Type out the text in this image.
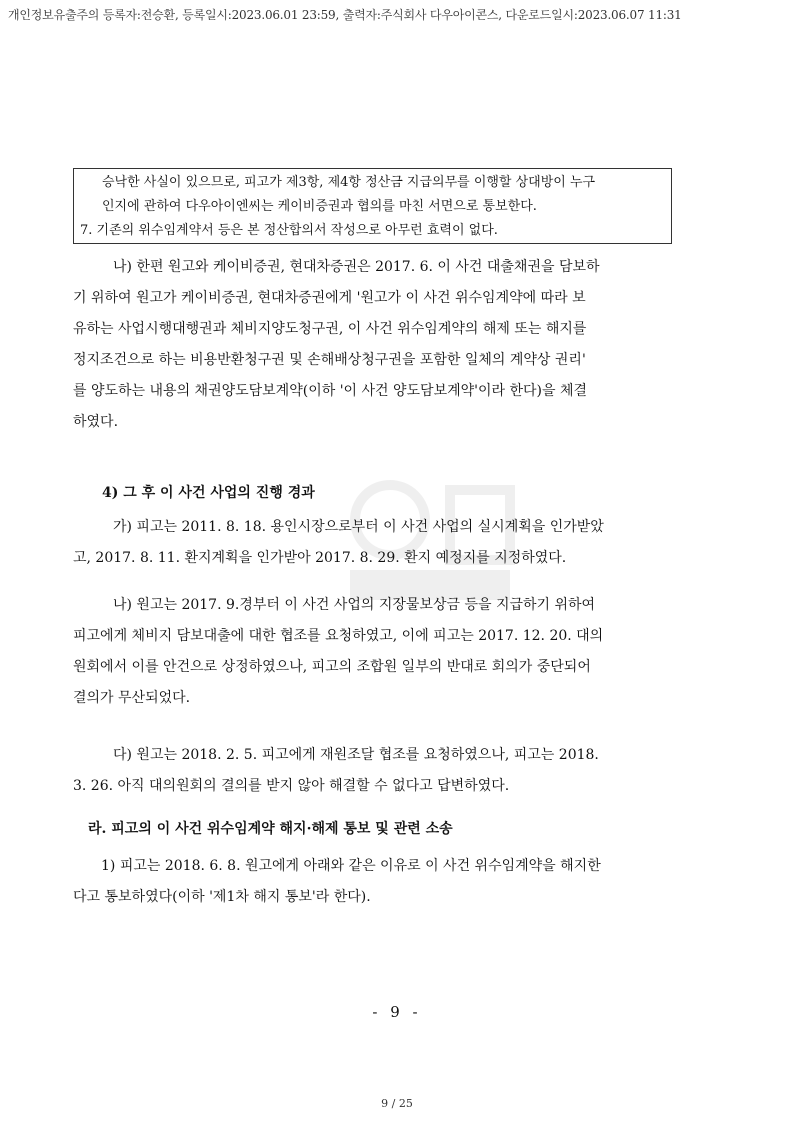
개인정보유출주의 등록자:전승환, 등록일시:2023.06.01 23:59, 출력자:주식회사 다우아이콘스, 다운로드일시:2023.06.07 11:31
승낙한 사실이 있으므로, 피고가 제3항, 제4항 정산금 지급의무를 이행할 상대방이 누구
인지에 관하여 다우아이엔씨는 케이비증권과 협의를 마친 서면으로 통보한다.
7. 기존의 위수임계약서 등은 본 정산합의서 작성으로 아무런 효력이 없다.
나) 한편 원고와 케이비증권, 현대차증권은 2017. 6. 이 사건 대출채권을 담보하
기 위하여 원고가 케이비증권, 현대차증권에게 '원고가 이 사건 위수임계약에 따라 보
유하는 사업시행대행권과 체비지양도청구권, 이 사건 위수임계약의 해제 또는 해지를
정지조건으로 하는 비용반환청구권 및 손해배상청구권을 포함한 일체의 계약상 권리'
를 양도하는 내용의 채권양도담보계약(이하 '이 사건 양도담보계약'이라 한다)을 체결
하였다.
4) 그 후 이 사건 사업의 진행 경과
가) 피고는 2011. 8. 18. 용인시장으로부터 이 사건 사업의 실시계획을 인가받았
고, 2017. 8. 11. 환지계획을 인가받아 2017. 8. 29. 환지 예정지를 지정하였다.
나) 원고는 2017. 9.경부터 이 사건 사업의 지장물보상금 등을 지급하기 위하여
피고에게 체비지 담보대출에 대한 협조를 요청하였고, 이에 피고는 2017. 12. 20. 대의
원회에서 이를 안건으로 상정하였으나, 피고의 조합원 일부의 반대로 회의가 중단되어
결의가 무산되었다.
다) 원고는 2018. 2. 5. 피고에게 재원조달 협조를 요청하였으나, 피고는 2018.
3. 26. 아직 대의원회의 결의를 받지 않아 해결할 수 없다고 답변하였다.
라. 피고의 이 사건 위수임계약 해지·해제 통보 및 관련 소송
1) 피고는 2018. 6. 8. 원고에게 아래와 같은 이유로 이 사건 위수임계약을 해지한
다고 통보하였다(이하 '제1차 해지 통보'라 한다).
- 9 -
9 / 25
